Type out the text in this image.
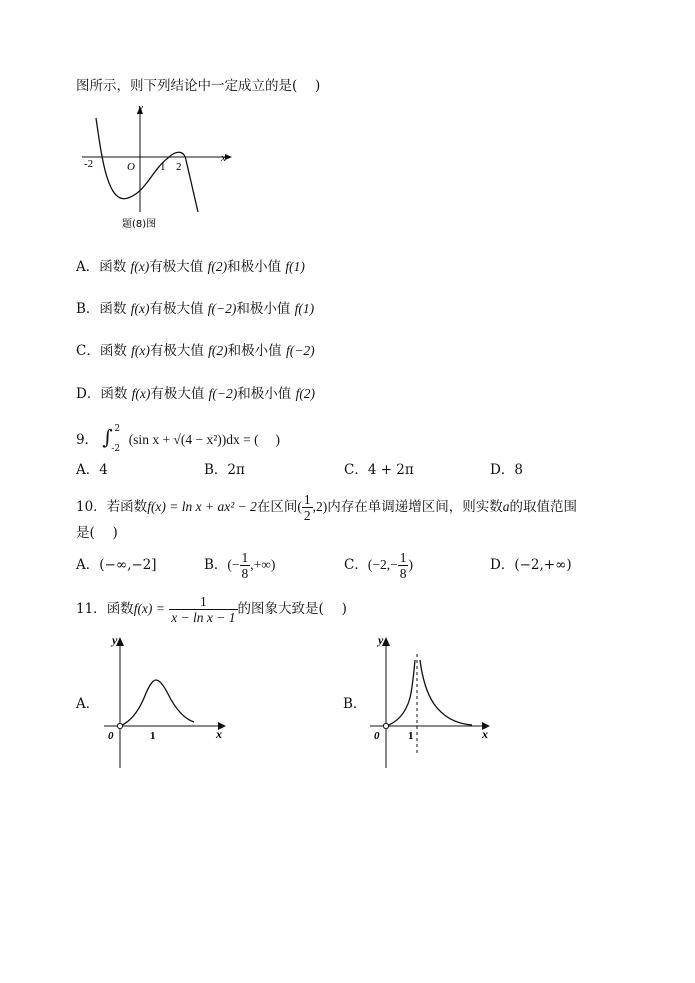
图所示，则下列结论中一定成立的是(　 )
y
x
O
-2	1 2
题(8)图
A．函数 f(x)有极大值 f(2)和极小值 f(1)
B．函数 f(x)有极大值 f(−2)和极小值 f(1)
C．函数 f(x)有极大值 f(2)和极小值 f(−2)
D．函数 f(x)有极大值 f(−2)和极小值 f(2)
9． ∫ 2
-2
(sin x + √(4 − x²))dx = (　 )
A．4	B．2π	C．4 + 2π	D．8
10．若函数f(x) = ln x + ax² − 2在区间( $\frac{1}{2} ,2$)内存在单调递增区间，则实数a的取值范围
是(　 )
A．(−∞,−2]	B．(− $\frac{1}{8}$ ,+∞)	C．($-2,- \frac{1}{8}$ )	D．(−2,+∞)
11．函数$f(x) = \frac{1}{\text{x − ln x − 1}}$ 的图象大致是(　 )
A．
y
x
0	1
B．
y
x
0	1
